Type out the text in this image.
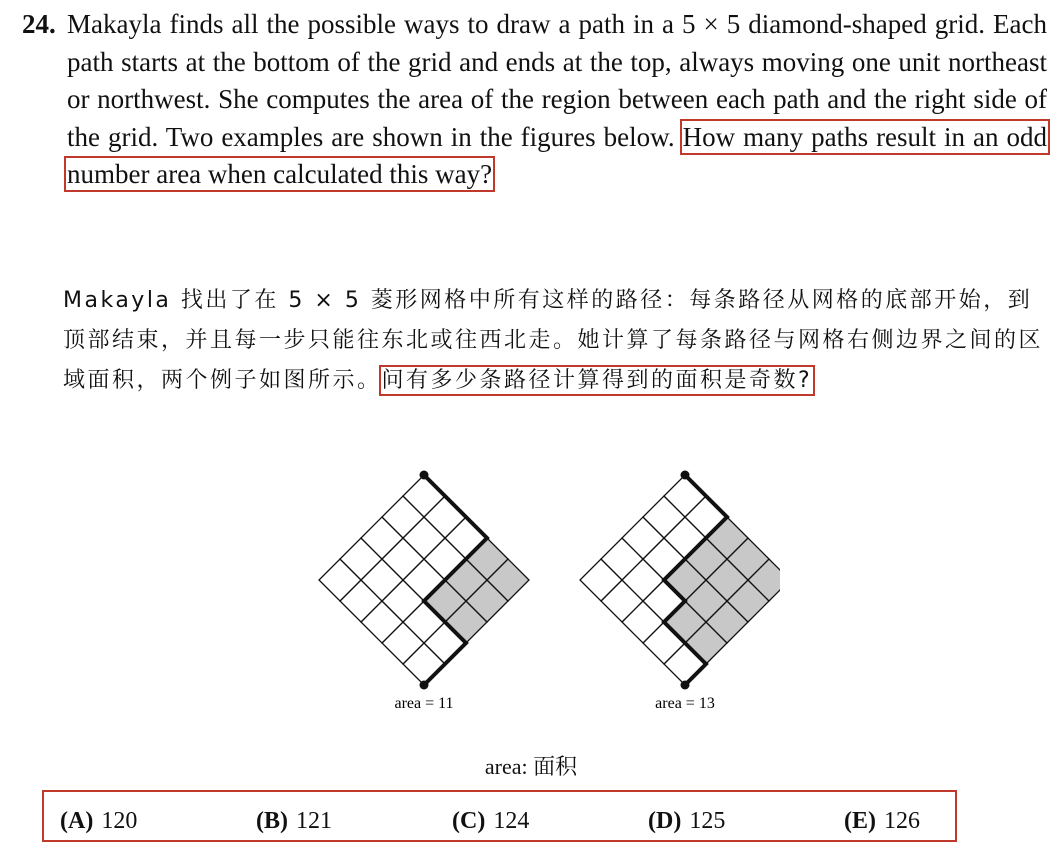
24. Makayla finds all the possible ways to draw a path in a 5 × 5 diamond-shaped grid. Each path starts at the bottom of the grid and ends at the top, always moving one unit northeast or northwest. She computes the area of the region between each path and the right side of the grid. Two examples are shown in the figures below. How many paths result in an odd number area when calculated this way?
Makayla 找出了在 5 × 5 菱形网格中所有这样的路径：每条路径从网格的底部开始，到顶部结束，并且每一步只能往东北或往西北走。她计算了每条路径与网格右侧边界之间的区域面积，两个例子如图所示。问有多少条路径计算得到的面积是奇数?
area = 11	area = 13
area: 面积
(A) 120	(B) 121	(C) 124	(D) 125	(E) 126
